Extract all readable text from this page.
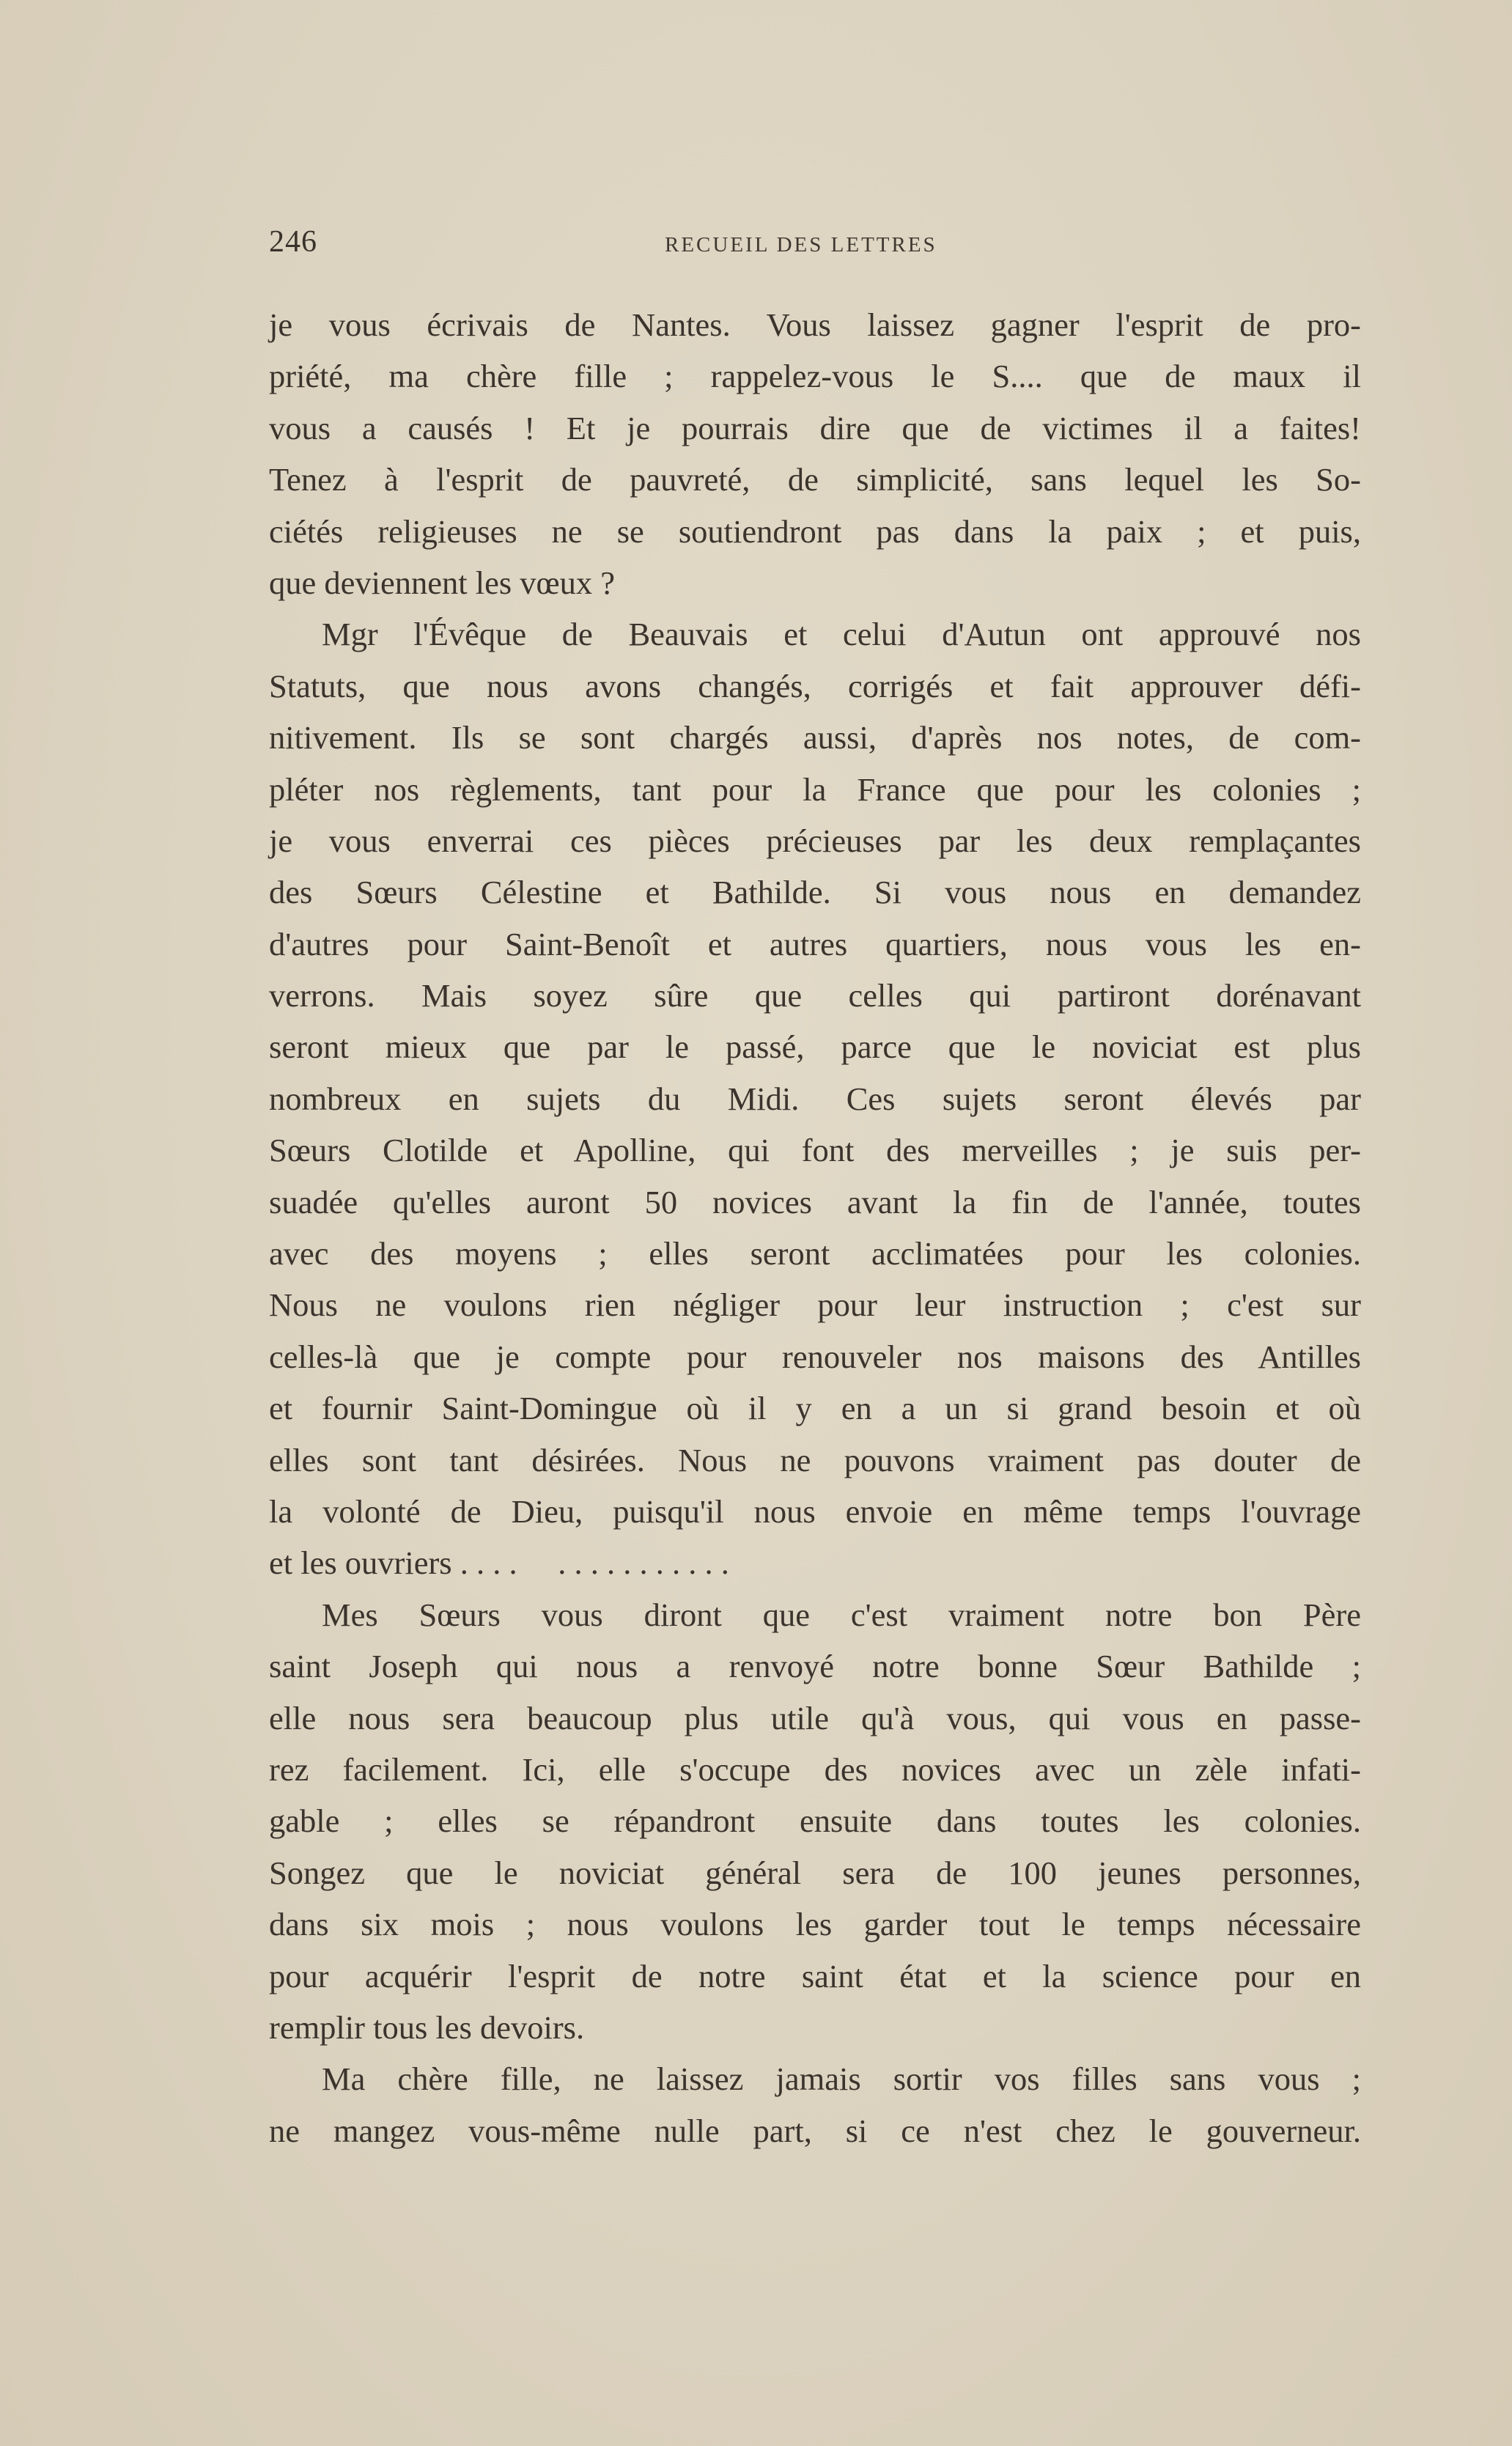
246	RECUEIL DES LETTRES
je vous écrivais de Nantes. Vous laissez gagner l'esprit de pro-
priété, ma chère fille ; rappelez-vous le S.... que de maux il
vous a causés ! Et je pourrais dire que de victimes il a faites!
Tenez à l'esprit de pauvreté, de simplicité, sans lequel les So-
ciétés religieuses ne se soutiendront pas dans la paix ; et puis,
que deviennent les vœux ?
Mgr l'Évêque de Beauvais et celui d'Autun ont approuvé nos
Statuts, que nous avons changés, corrigés et fait approuver défi-
nitivement. Ils se sont chargés aussi, d'après nos notes, de com-
pléter nos règlements, tant pour la France que pour les colonies ;
je vous enverrai ces pièces précieuses par les deux remplaçantes
des Sœurs Célestine et Bathilde. Si vous nous en demandez
d'autres pour Saint-Benoît et autres quartiers, nous vous les en-
verrons. Mais soyez sûre que celles qui partiront dorénavant
seront mieux que par le passé, parce que le noviciat est plus
nombreux en sujets du Midi. Ces sujets seront élevés par
Sœurs Clotilde et Apolline, qui font des merveilles ; je suis per-
suadée qu'elles auront 50 novices avant la fin de l'année, toutes
avec des moyens ; elles seront acclimatées pour les colonies.
Nous ne voulons rien négliger pour leur instruction ; c'est sur
celles-là que je compte pour renouveler nos maisons des Antilles
et fournir Saint-Domingue où il y en a un si grand besoin et où
elles sont tant désirées. Nous ne pouvons vraiment pas douter de
la volonté de Dieu, puisqu'il nous envoie en même temps l'ouvrage
et les ouvriers . . . .     . . . . . . . . . . .
Mes Sœurs vous diront que c'est vraiment notre bon Père
saint Joseph qui nous a renvoyé notre bonne Sœur Bathilde ;
elle nous sera beaucoup plus utile qu'à vous, qui vous en passe-
rez facilement. Ici, elle s'occupe des novices avec un zèle infati-
gable ; elles se répandront ensuite dans toutes les colonies.
Songez que le noviciat général sera de 100 jeunes personnes,
dans six mois ; nous voulons les garder tout le temps nécessaire
pour acquérir l'esprit de notre saint état et la science pour en
remplir tous les devoirs.
Ma chère fille, ne laissez jamais sortir vos filles sans vous ;
ne mangez vous-même nulle part, si ce n'est chez le gouverneur.
